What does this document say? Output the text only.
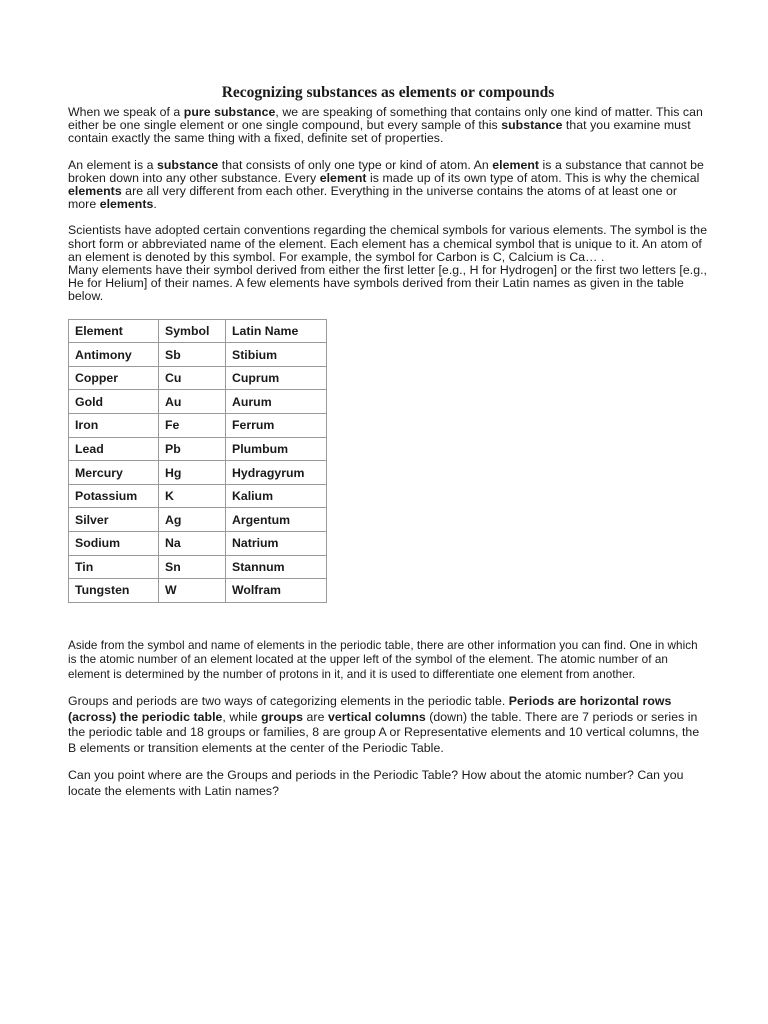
Recognizing substances as elements or compounds

When we speak of a pure substance, we are speaking of something that contains only one kind of matter. This can either be one single element or one single compound, but every sample of this substance that you examine must contain exactly the same thing with a fixed, definite set of properties.

An element is a substance that consists of only one type or kind of atom. An element is a substance that cannot be broken down into any other substance. Every element is made up of its own type of atom. This is why the chemical elements are all very different from each other. Everything in the universe contains the atoms of at least one or more elements.

Scientists have adopted certain conventions regarding the chemical symbols for various elements. The symbol is the short form or abbreviated name of the element. Each element has a chemical symbol that is unique to it. An atom of an element is denoted by this symbol. For example, the symbol for Carbon is C, Calcium is Ca… .

Many elements have their symbol derived from either the first letter [e.g., H for Hydrogen] or the first two letters [e.g., He for Helium] of their names. A few elements have symbols derived from their Latin names as given in the table below.

Element	Symbol	Latin Name
Antimony	Sb	Stibium
Copper	Cu	Cuprum
Gold	Au	Aurum
Iron	Fe	Ferrum
Lead	Pb	Plumbum
Mercury	Hg	Hydragyrum
Potassium	K	Kalium
Silver	Ag	Argentum
Sodium	Na	Natrium
Tin	Sn	Stannum
Tungsten	W	Wolfram

Aside from the symbol and name of elements in the periodic table, there are other information you can find. One in which is the atomic number of an element located at the upper left of the symbol of the element. The atomic number of an element is determined by the number of protons in it, and it is used to differentiate one element from another.

Groups and periods are two ways of categorizing elements in the periodic table. Periods are horizontal rows (across) the periodic table, while groups are vertical columns (down) the table. There are 7 periods or series in the periodic table and 18 groups or families, 8 are group A or Representative elements and 10 vertical columns, the B elements or transition elements at the center of the Periodic Table.

Can you point where are the Groups and periods in the Periodic Table? How about the atomic number? Can you locate the elements with Latin names?
